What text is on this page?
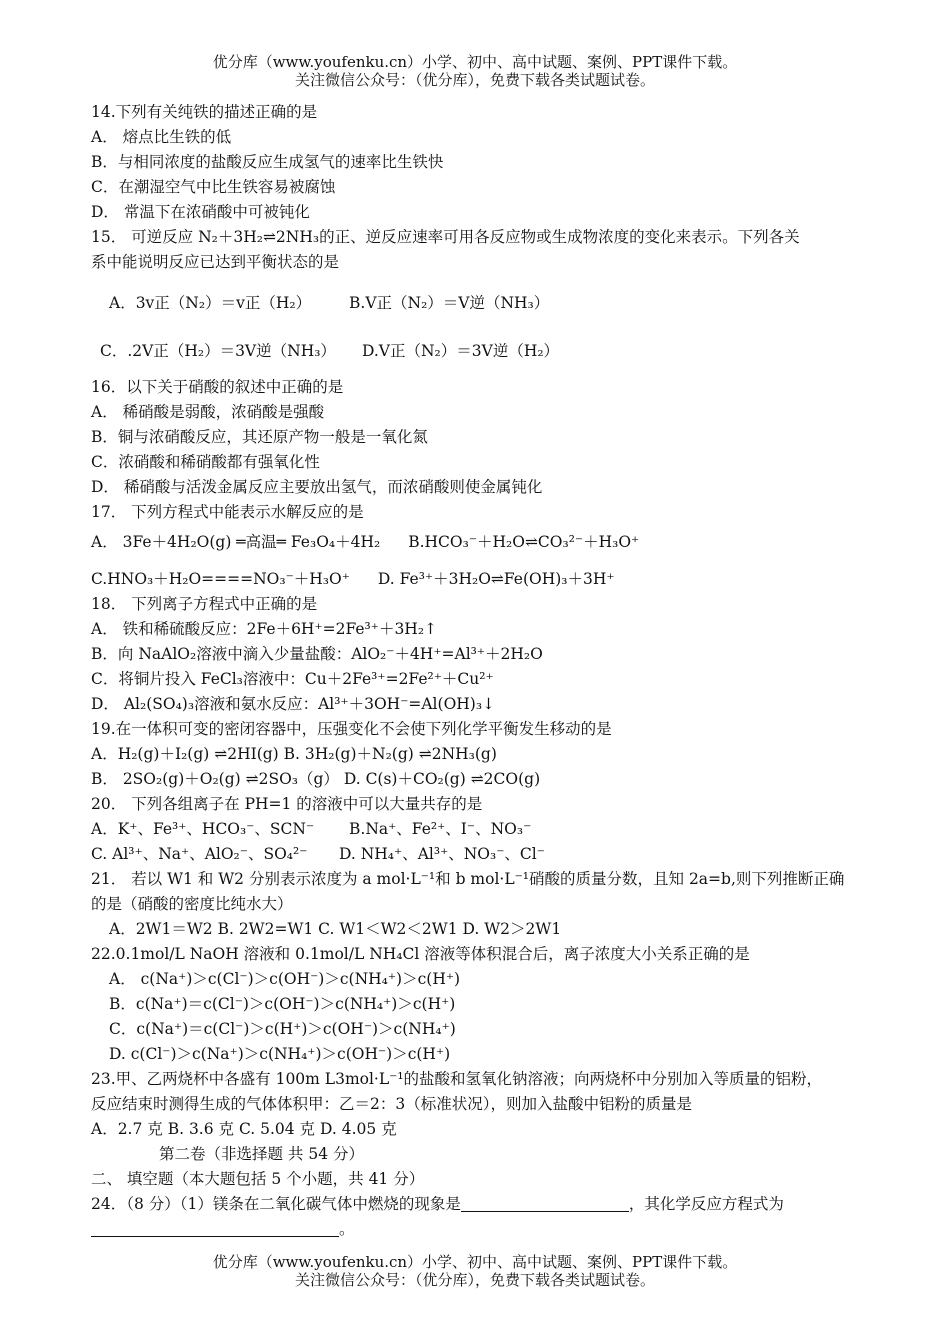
优分库（www.youfenku.cn）小学、初中、高中试题、案例、PPT课件下载。
关注微信公众号：（优分库），免费下载各类试题试卷。
14.下列有关纯铁的描述正确的是
A． 熔点比生铁的低
B．与相同浓度的盐酸反应生成氢气的速率比生铁快
C．在潮湿空气中比生铁容易被腐蚀
D． 常温下在浓硝酸中可被钝化
15． 可逆反应 N₂＋3H₂⇌2NH₃的正、逆反应速率可用各反应物或生成物浓度的变化来表示。下列各关
系中能说明反应已达到平衡状态的是
A．3v正（N₂）＝v正（H₂） B.V正（N₂）＝V逆（NH₃）
C．.2V正（H₂）＝3V逆（NH₃） D.V正（N₂）＝3V逆（H₂）
16．以下关于硝酸的叙述中正确的是
A． 稀硝酸是弱酸，浓硝酸是强酸
B．铜与浓硝酸反应，其还原产物一般是一氧化氮
C．浓硝酸和稀硝酸都有强氧化性
D． 稀硝酸与活泼金属反应主要放出氢气，而浓硝酸则使金属钝化
17． 下列方程式中能表示水解反应的是
A． 3Fe＋4H₂O(g) ═高温═ Fe₃O₄＋4H₂ B.HCO₃⁻＋H₂O⇌CO₃²⁻＋H₃O⁺
C.HNO₃＋H₂O====NO₃⁻＋H₃O⁺ D. Fe³⁺＋3H₂O⇌Fe(OH)₃＋3H⁺
18． 下列离子方程式中正确的是
A． 铁和稀硫酸反应：2Fe＋6H⁺=2Fe³⁺＋3H₂↑
B．向 NaAlO₂溶液中滴入少量盐酸：AlO₂⁻＋4H⁺=Al³⁺＋2H₂O
C．将铜片投入 FeCl₃溶液中：Cu＋2Fe³⁺=2Fe²⁺＋Cu²⁺
D． Al₂(SO₄)₃溶液和氨水反应：Al³⁺＋3OH⁻=Al(OH)₃↓
19.在一体积可变的密闭容器中，压强变化不会使下列化学平衡发生移动的是
A．H₂(g)＋I₂(g) ⇌2HI(g) B. 3H₂(g)＋N₂(g) ⇌2NH₃(g)
B． 2SO₂(g)＋O₂(g) ⇌2SO₃（g） D. C(s)＋CO₂(g) ⇌2CO(g)
20． 下列各组离子在 PH=1 的溶液中可以大量共存的是
A．K⁺、Fe³⁺、HCO₃⁻、SCN⁻ B.Na⁺、Fe²⁺、I⁻、NO₃⁻
C. Al³⁺、Na⁺、AlO₂⁻、SO₄²⁻ D. NH₄⁺、Al³⁺、NO₃⁻、Cl⁻
21． 若以 W1 和 W2 分别表示浓度为 a mol·L⁻¹和 b mol·L⁻¹硝酸的质量分数，且知 2a=b,则下列推断正确
的是（硝酸的密度比纯水大）
A．2W1＝W2 B. 2W2=W1 C. W1＜W2＜2W1 D. W2＞2W1
22.0.1mol/L NaOH 溶液和 0.1mol/L NH₄Cl 溶液等体积混合后，离子浓度大小关系正确的是
A． c(Na⁺)＞c(Cl⁻)＞c(OH⁻)＞c(NH₄⁺)＞c(H⁺)
B．c(Na⁺)＝c(Cl⁻)＞c(OH⁻)＞c(NH₄⁺)＞c(H⁺)
C．c(Na⁺)＝c(Cl⁻)＞c(H⁺)＞c(OH⁻)＞c(NH₄⁺)
D. c(Cl⁻)＞c(Na⁺)＞c(NH₄⁺)＞c(OH⁻)＞c(H⁺)
23.甲、乙两烧杯中各盛有 100m L3mol·L⁻¹的盐酸和氢氧化钠溶液；向两烧杯中分别加入等质量的铝粉，
反应结束时测得生成的气体体积甲：乙＝2：3（标准状况），则加入盐酸中铝粉的质量是
A．2.7 克 B. 3.6 克 C. 5.04 克 D. 4.05 克
第二卷（非选择题 共 54 分）
二、 填空题（本大题包括 5 个小题，共 41 分）
24．（8 分）（1）镁条在二氧化碳气体中燃烧的现象是	，其化学反应方程式为
。
优分库（www.youfenku.cn）小学、初中、高中试题、案例、PPT课件下载。
关注微信公众号：（优分库），免费下载各类试题试卷。
